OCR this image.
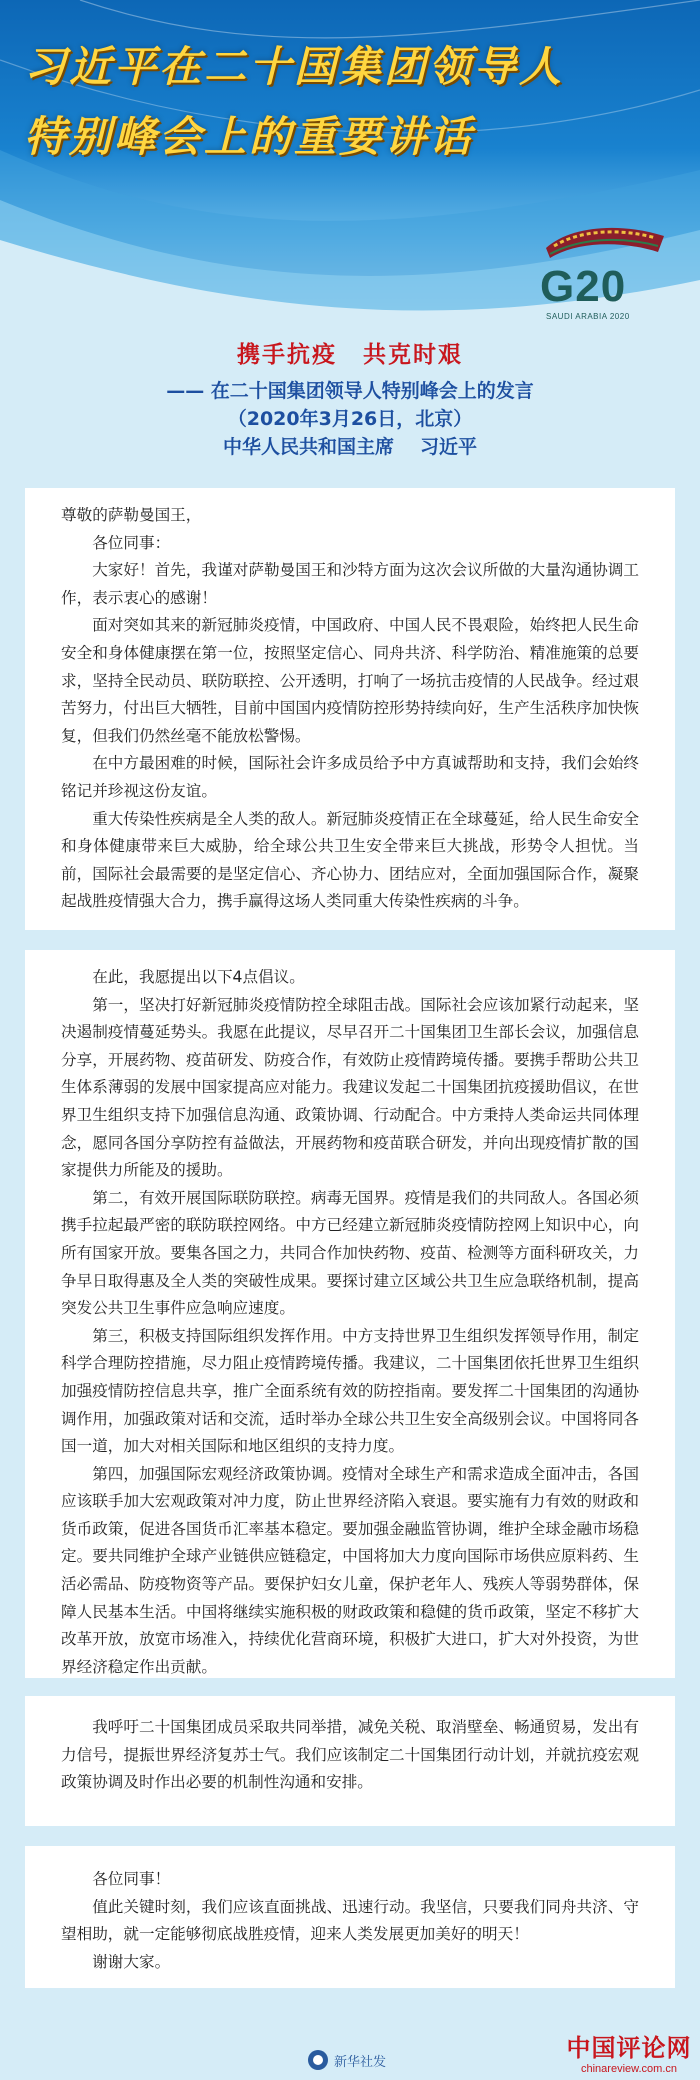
习近平在二十国集团领导人
特别峰会上的重要讲话
G20
SAUDI ARABIA 2020
携手抗疫 共克时艰
—— 在二十国集团领导人特别峰会上的发言
（2020年3月26日，北京）
中华人民共和国主席 习近平
尊敬的萨勒曼国王，
各位同事：

大家好！首先，我谨对萨勒曼国王和沙特方面为这次会议所做的大量沟通协调工作，表示衷心的感谢！

面对突如其来的新冠肺炎疫情，中国政府、中国人民不畏艰险，始终把人民生命安全和身体健康摆在第一位，按照坚定信心、同舟共济、科学防治、精准施策的总要求，坚持全民动员、联防联控、公开透明，打响了一场抗击疫情的人民战争。经过艰苦努力，付出巨大牺牲，目前中国国内疫情防控形势持续向好，生产生活秩序加快恢复，但我们仍然丝毫不能放松警惕。

在中方最困难的时候，国际社会许多成员给予中方真诚帮助和支持，我们会始终铭记并珍视这份友谊。

重大传染性疾病是全人类的敌人。新冠肺炎疫情正在全球蔓延，给人民生命安全和身体健康带来巨大威胁，给全球公共卫生安全带来巨大挑战，形势令人担忧。当前，国际社会最需要的是坚定信心、齐心协力、团结应对，全面加强国际合作，凝聚起战胜疫情强大合力，携手赢得这场人类同重大传染性疾病的斗争。

在此，我愿提出以下4点倡议。

第一，坚决打好新冠肺炎疫情防控全球阻击战。国际社会应该加紧行动起来，坚决遏制疫情蔓延势头。我愿在此提议，尽早召开二十国集团卫生部长会议，加强信息分享，开展药物、疫苗研发、防疫合作，有效防止疫情跨境传播。要携手帮助公共卫生体系薄弱的发展中国家提高应对能力。我建议发起二十国集团抗疫援助倡议，在世界卫生组织支持下加强信息沟通、政策协调、行动配合。中方秉持人类命运共同体理念，愿同各国分享防控有益做法，开展药物和疫苗联合研发，并向出现疫情扩散的国家提供力所能及的援助。

第二，有效开展国际联防联控。病毒无国界。疫情是我们的共同敌人。各国必须携手拉起最严密的联防联控网络。中方已经建立新冠肺炎疫情防控网上知识中心，向所有国家开放。要集各国之力，共同合作加快药物、疫苗、检测等方面科研攻关，力争早日取得惠及全人类的突破性成果。要探讨建立区域公共卫生应急联络机制，提高突发公共卫生事件应急响应速度。

第三，积极支持国际组织发挥作用。中方支持世界卫生组织发挥领导作用，制定科学合理防控措施，尽力阻止疫情跨境传播。我建议，二十国集团依托世界卫生组织加强疫情防控信息共享，推广全面系统有效的防控指南。要发挥二十国集团的沟通协调作用，加强政策对话和交流，适时举办全球公共卫生安全高级别会议。中国将同各国一道，加大对相关国际和地区组织的支持力度。

第四，加强国际宏观经济政策协调。疫情对全球生产和需求造成全面冲击，各国应该联手加大宏观政策对冲力度，防止世界经济陷入衰退。要实施有力有效的财政和货币政策，促进各国货币汇率基本稳定。要加强金融监管协调，维护全球金融市场稳定。要共同维护全球产业链供应链稳定，中国将加大力度向国际市场供应原料药、生活必需品、防疫物资等产品。要保护妇女儿童，保护老年人、残疾人等弱势群体，保障人民基本生活。中国将继续实施积极的财政政策和稳健的货币政策，坚定不移扩大改革开放，放宽市场准入，持续优化营商环境，积极扩大进口，扩大对外投资，为世界经济稳定作出贡献。

我呼吁二十国集团成员采取共同举措，减免关税、取消壁垒、畅通贸易，发出有力信号，提振世界经济复苏士气。我们应该制定二十国集团行动计划，并就抗疫宏观政策协调及时作出必要的机制性沟通和安排。

各位同事！

值此关键时刻，我们应该直面挑战、迅速行动。我坚信，只要我们同舟共济、守望相助，就一定能够彻底战胜疫情，迎来人类发展更加美好的明天！

谢谢大家。

新华社发	中国评论网
chinareview.com.cn
